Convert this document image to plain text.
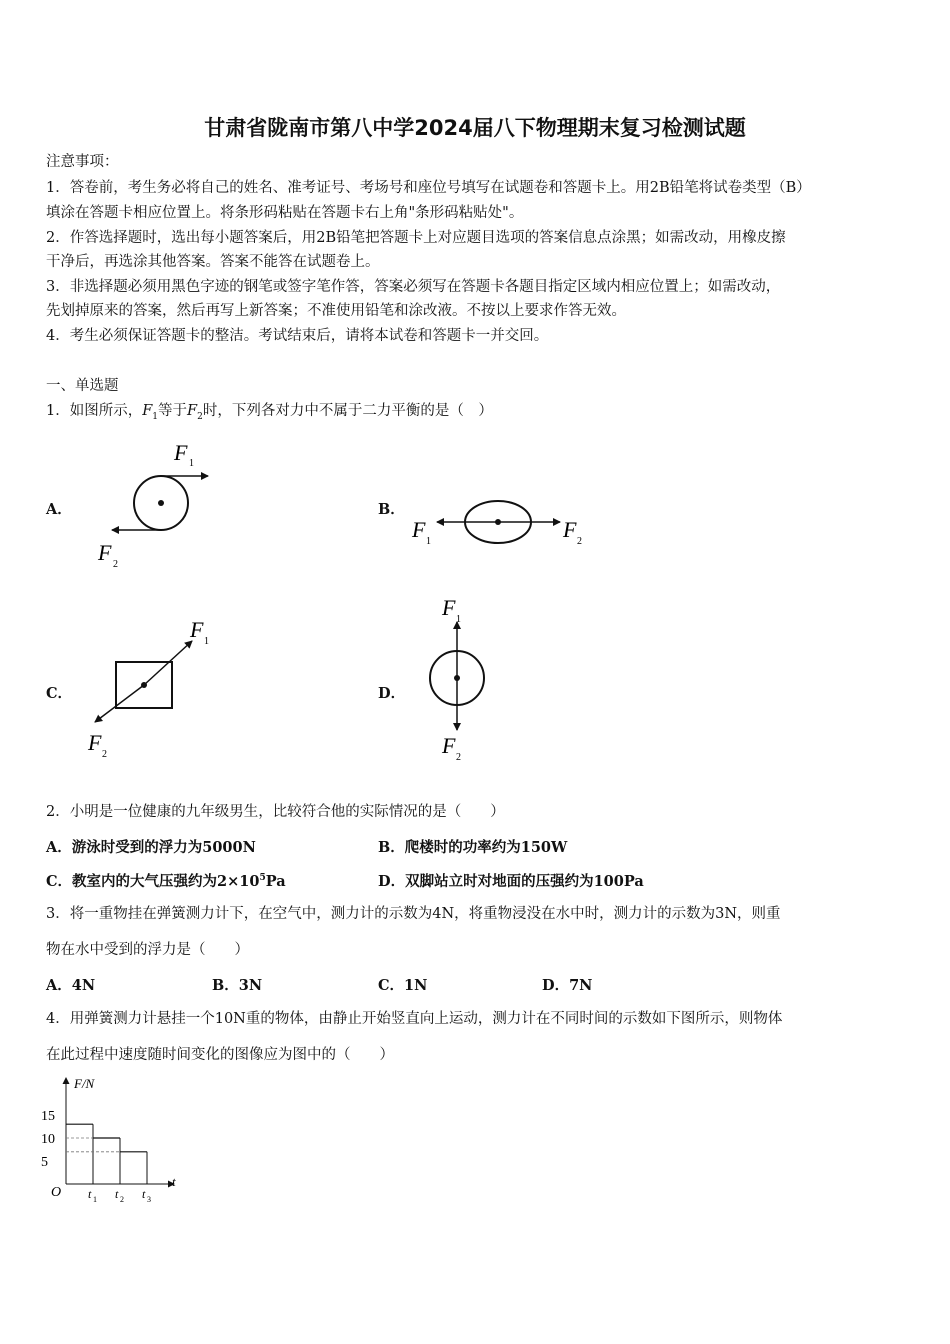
甘肃省陇南市第八中学2024届八下物理期末复习检测试题
注意事项：
1．答卷前，考生务必将自己的姓名、准考证号、考场号和座位号填写在试题卷和答题卡上。用2B铅笔将试卷类型（B）
填涂在答题卡相应位置上。将条形码粘贴在答题卡右上角"条形码粘贴处"。
2．作答选择题时，选出每小题答案后，用2B铅笔把答题卡上对应题目选项的答案信息点涂黑；如需改动，用橡皮擦
干净后，再选涂其他答案。答案不能答在试题卷上。
3．非选择题必须用黑色字迹的钢笔或签字笔作答，答案必须写在答题卡各题目指定区域内相应位置上；如需改动，
先划掉原来的答案，然后再写上新答案；不准使用铅笔和涂改液。不按以上要求作答无效。
4．考生必须保证答题卡的整洁。考试结束后，请将本试卷和答题卡一并交回。
一、单选题
1．如图所示，$F_1$等于$F_2$时，下列各对力中不属于二力平衡的是（　）
A．	B．
C．	D．
F 1
F 2
F 1	F 2
F 1
F 2
F 1
F 2
2．小明是一位健康的九年级男生，比较符合他的实际情况的是（　　）
A．游泳时受到的浮力为5000N	B．爬楼时的功率约为150W
C．教室内的大气压强约为$2\times 10^5Pa$	D．双脚站立时对地面的压强约为100Pa
3．将一重物挂在弹簧测力计下，在空气中，测力计的示数为4N，将重物浸没在水中时，测力计的示数为3N，则重
物在水中受到的浮力是（　　）
A．4N	B．3N	C．1N	D．7N
4．用弹簧测力计悬挂一个10N重的物体，由静止开始竖直向上运动，测力计在不同时间的示数如下图所示，则物体
在此过程中速度随时间变化的图像应为图中的（　　）
F/N
t
O
15
10
5
t 1 t 2 t 3
